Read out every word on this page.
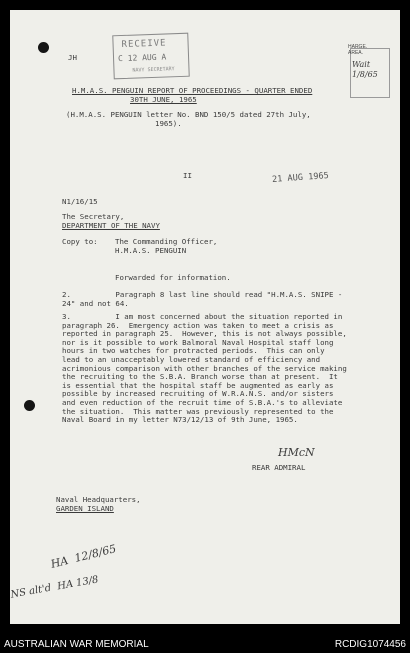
JH

RECEIVE
C 12 AUG A
NAVY SECRETARY

HARGE.
AREA.

Wait
1/8/65

H.M.A.S. PENGUIN REPORT OF PROCEEDINGS - QUARTER ENDED

30TH JUNE, 1965

(H.M.A.S. PENGUIN letter No. BND 150/5 dated 27th July,
1965).

II	21 AUG 1965

N1/16/15

The Secretary,

DEPARTMENT OF THE NAVY

Copy to: The Commanding Officer,
H.M.A.S. PENGUIN

Forwarded for information.

2.          Paragraph 8 last line should read "H.M.A.S. SNIPE -
24" and not 64.

3.          I am most concerned about the situation reported in
paragraph 26.  Emergency action was taken to meet a crisis as
reported in paragraph 25.  However, this is not always possible,
nor is it possible to work Balmoral Naval Hospital staff long
hours in two watches for protracted periods.  This can only
lead to an unacceptably lowered standard of efficiency and
acrimonious comparison with other branches of the service making
the recruiting to the S.B.A. Branch worse than at present.  It
is essential that the hospital staff be augmented as early as
possible by increased recruiting of W.R.A.N.S. and/or sisters
and even reduction of the recruit time of S.B.A.'s to alleviate
the situation.  This matter was previously represented to the
Naval Board in my letter N73/12/13 of 9th June, 1965.

HMcN

REAR ADMIRAL

Naval Headquarters,

GARDEN ISLAND

HA  12/8/65

NS alt'd  HA 13/8

AUSTRALIAN WAR MEMORIAL	RCDIG1074456
